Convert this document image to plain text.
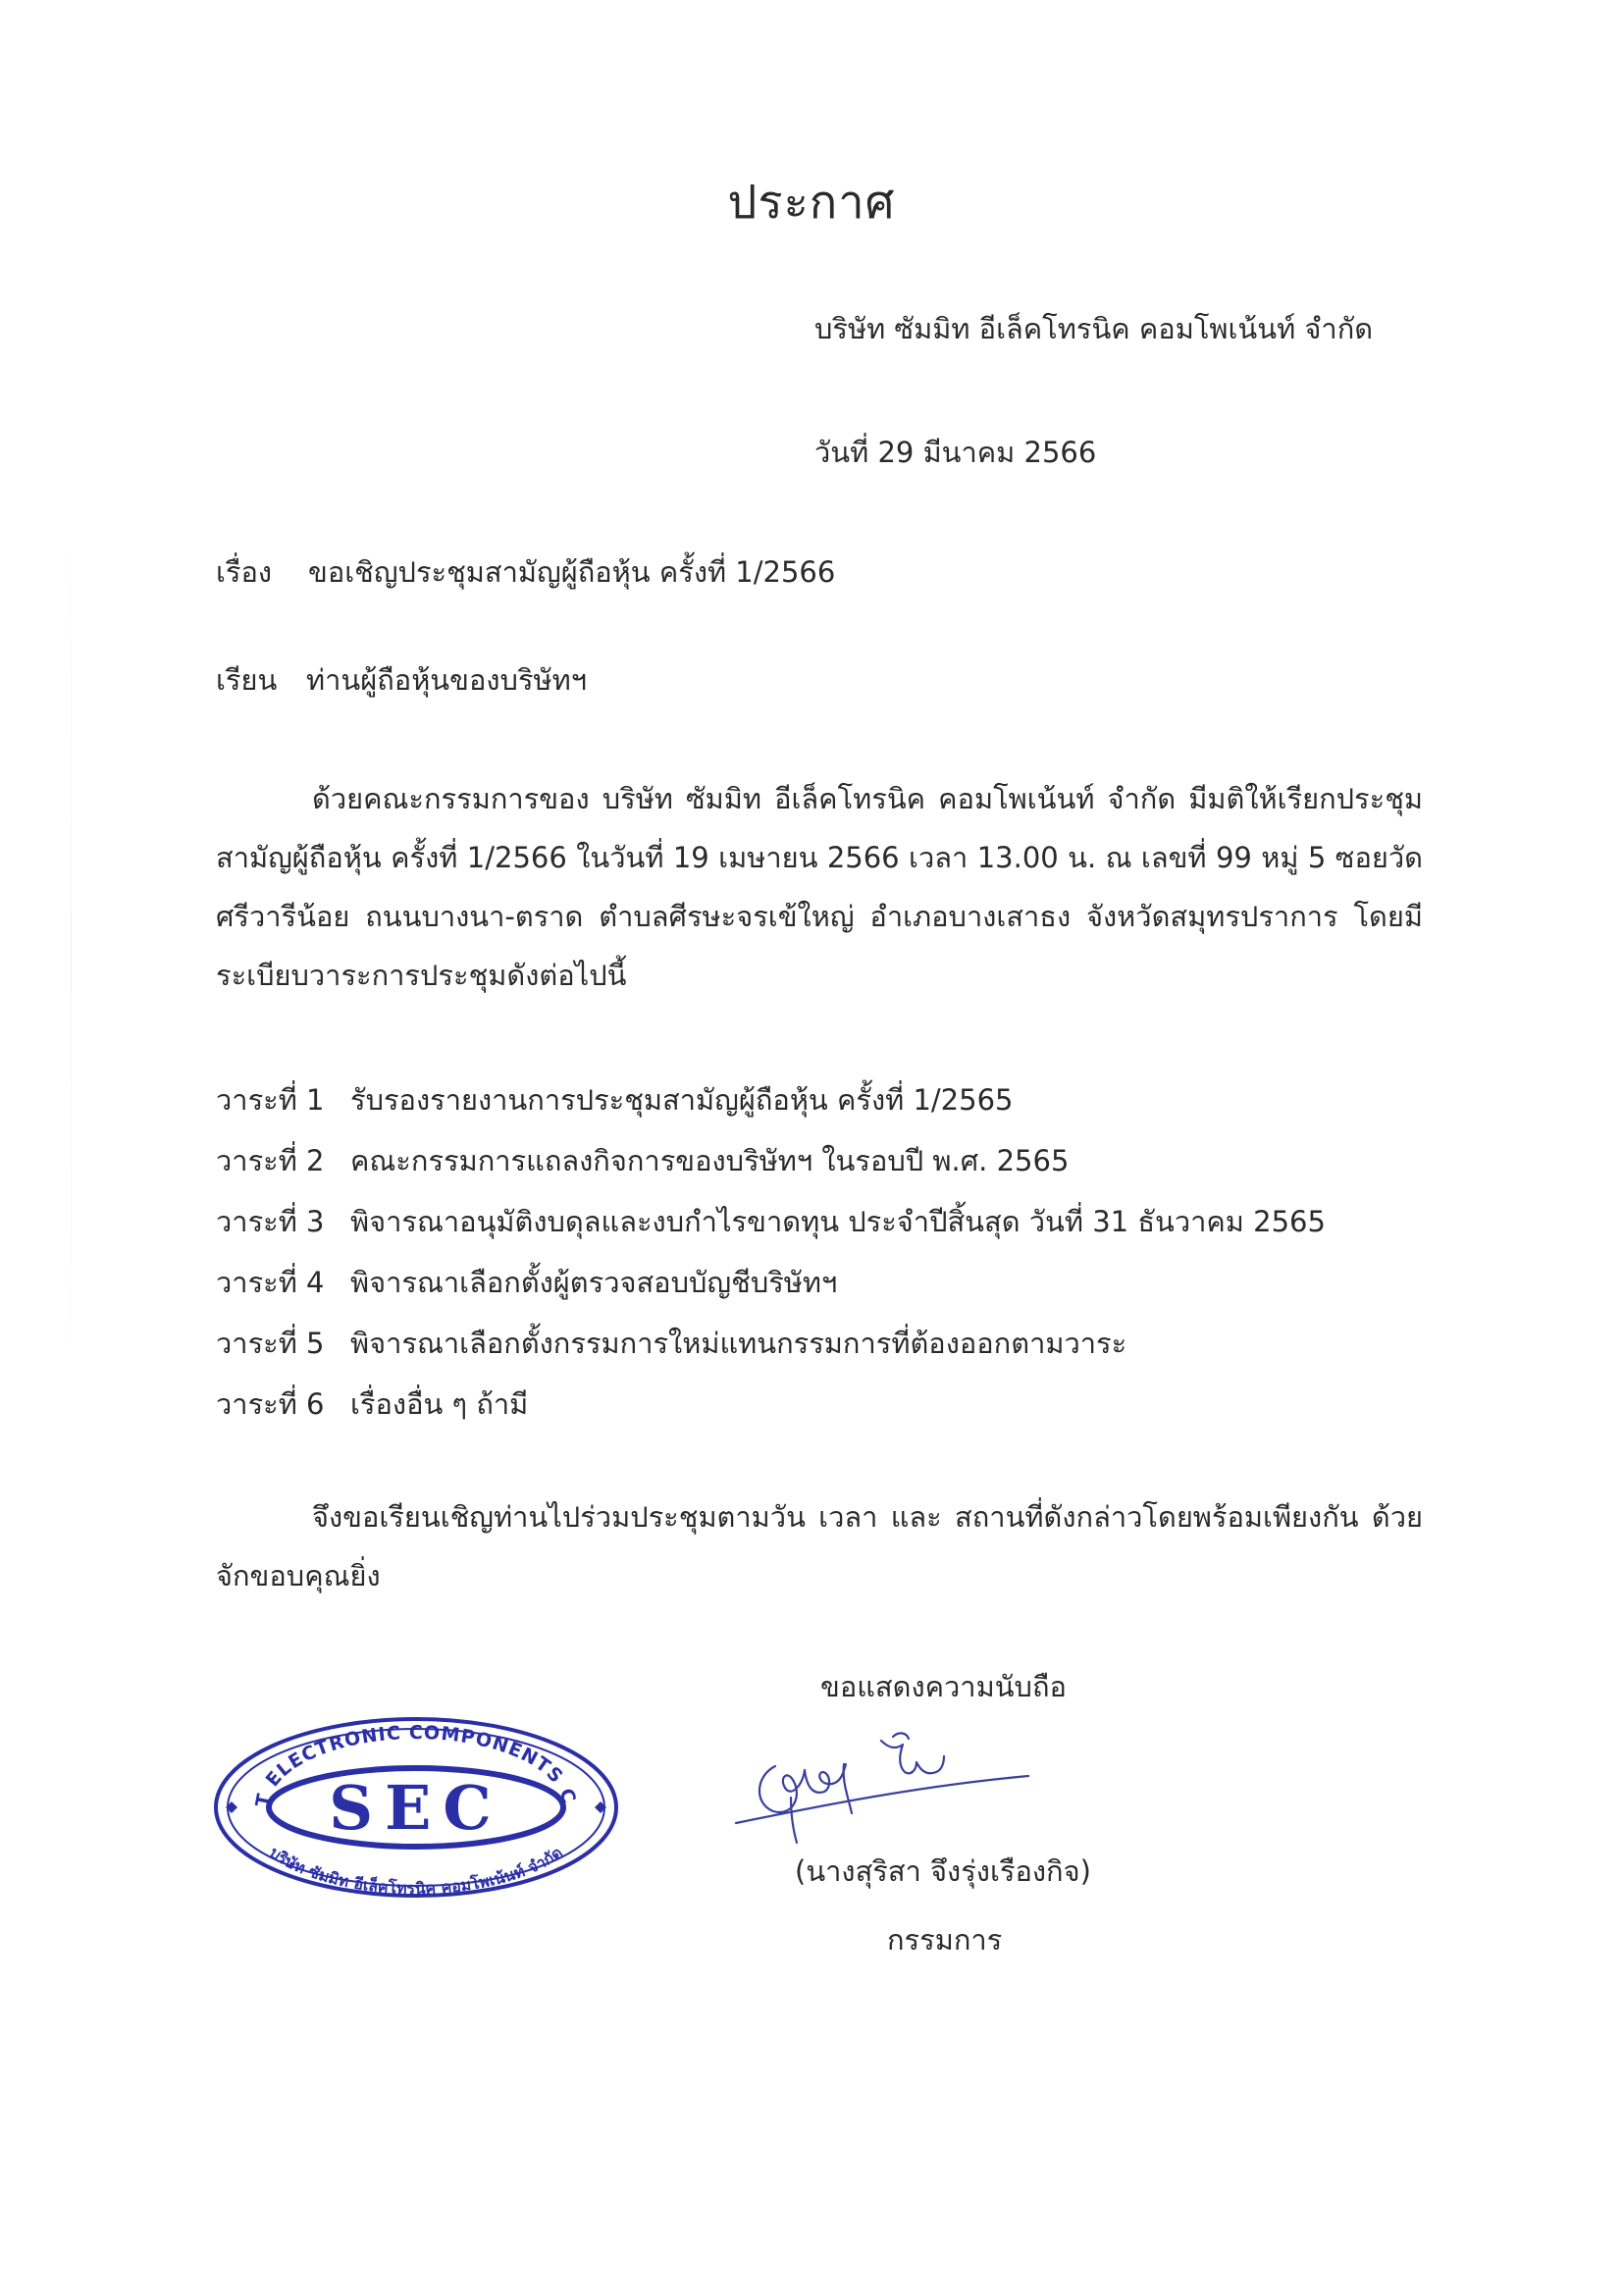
ประกาศ
บริษัท ซัมมิท อีเล็คโทรนิค คอมโพเน้นท์ จำกัด
วันที่ 29 มีนาคม 2566
เรื่อง ขอเชิญประชุมสามัญผู้ถือหุ้น ครั้งที่ 1/2566
เรียน ท่านผู้ถือหุ้นของบริษัทฯ
ด้วยคณะกรรมการของ บริษัท ซัมมิท อีเล็คโทรนิค คอมโพเน้นท์ จำกัด มีมติให้เรียกประชุมสามัญผู้ถือหุ้น ครั้งที่ 1/2566 ในวันที่ 19 เมษายน 2566 เวลา 13.00 น. ณ เลขที่ 99 หมู่ 5 ซอยวัดศรีวารีน้อย ถนนบางนา-ตราด ตำบลศีรษะจรเข้ใหญ่ อำเภอบางเสาธง จังหวัดสมุทรปราการ โดยมีระเบียบวาระการประชุมดังต่อไปนี้
วาระที่ 1 รับรองรายงานการประชุมสามัญผู้ถือหุ้น ครั้งที่ 1/2565
วาระที่ 2 คณะกรรมการแถลงกิจการของบริษัทฯ ในรอบปี พ.ศ. 2565
วาระที่ 3 พิจารณาอนุมัติงบดุลและงบกำไรขาดทุน ประจำปีสิ้นสุด วันที่ 31 ธันวาคม 2565
วาระที่ 4 พิจารณาเลือกตั้งผู้ตรวจสอบบัญชีบริษัทฯ
วาระที่ 5 พิจารณาเลือกตั้งกรรมการใหม่แทนกรรมการที่ต้องออกตามวาระ
วาระที่ 6 เรื่องอื่น ๆ ถ้ามี
จึงขอเรียนเชิญท่านไปร่วมประชุมตามวัน เวลา และ สถานที่ดังกล่าวโดยพร้อมเพียงกัน ด้วยจักขอบคุณยิ่ง
ขอแสดงความนับถือ
T ELECTRONIC COMPONENTS C
SEC
บริษัท ซัมมิท อีเล็คโทรนิค คอมโพเน้นท์ จำกัด
(นางสุริสา จึงรุ่งเรืองกิจ)
กรรมการ
